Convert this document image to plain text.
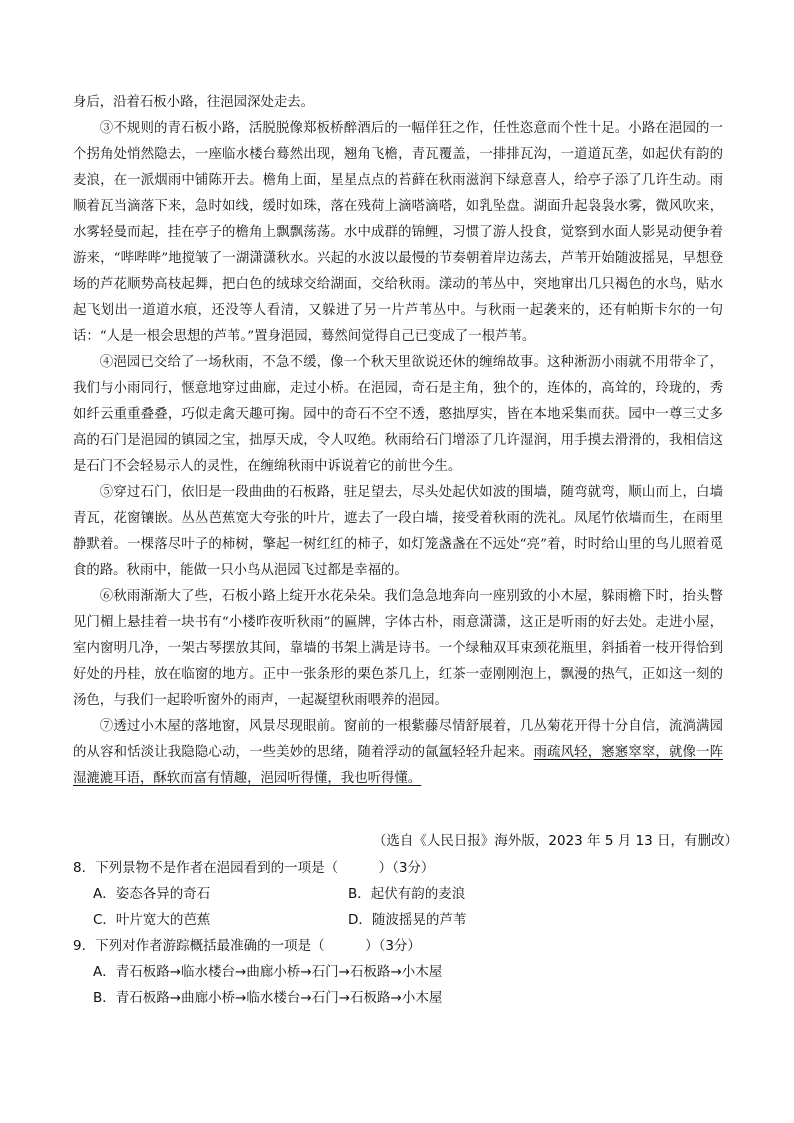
身后，沿着石板小路，往浥园深处走去。

③不规则的青石板小路，活脱脱像郑板桥醉酒后的一幅佯狂之作，任性恣意而个性十足。小路在浥园的一个拐角处悄然隐去，一座临水楼台蓦然出现，翘角飞檐，青瓦覆盖，一排排瓦沟，一道道瓦垄，如起伏有韵的麦浪，在一派烟雨中铺陈开去。檐角上面，星星点点的苔藓在秋雨滋润下绿意喜人，给亭子添了几许生动。雨顺着瓦当滴落下来，急时如线，缓时如珠，落在残荷上滴嗒滴嗒，如乳坠盘。湖面升起袅袅水雾，微风吹来，水雾轻曼而起，挂在亭子的檐角上飘飘荡荡。水中成群的锦鲤，习惯了游人投食，觉察到水面人影晃动便争着游来，“哔哔哔”地搅皱了一湖潇潇秋水。兴起的水波以最慢的节奏朝着岸边荡去，芦苇开始随波摇晃，早想登场的芦花顺势高枝起舞，把白色的绒球交给湖面，交给秋雨。漾动的苇丛中，突地窜出几只褐色的水鸟，贴水起飞划出一道道水痕，还没等人看清，又躲进了另一片芦苇丛中。与秋雨一起袭来的，还有帕斯卡尔的一句话：“人是一根会思想的芦苇。”置身浥园，蓦然间觉得自己已变成了一根芦苇。

④浥园已交给了一场秋雨，不急不缓，像一个秋天里欲说还休的缠绵故事。这种淅沥小雨就不用带伞了，我们与小雨同行，惬意地穿过曲廊，走过小桥。在浥园，奇石是主角，独个的，连体的，高耸的，玲珑的，秀如纤云重重叠叠，巧似走禽天趣可掬。园中的奇石不空不透，憨拙厚实，皆在本地采集而获。园中一尊三丈多高的石门是浥园的镇园之宝，拙厚天成，令人叹绝。秋雨给石门增添了几许湿润，用手摸去滑滑的，我相信这是石门不会轻易示人的灵性，在缠绵秋雨中诉说着它的前世今生。

⑤穿过石门，依旧是一段曲曲的石板路，驻足望去，尽头处起伏如波的围墙，随弯就弯，顺山而上，白墙青瓦，花窗镶嵌。丛丛芭蕉宽大夸张的叶片，遮去了一段白墙，接受着秋雨的洗礼。凤尾竹依墙而生，在雨里静默着。一棵落尽叶子的柿树，擎起一树红红的柿子，如灯笼盏盏在不远处“亮”着，时时给山里的鸟儿照着觅食的路。秋雨中，能做一只小鸟从浥园飞过都是幸福的。

⑥秋雨渐渐大了些，石板小路上绽开水花朵朵。我们急急地奔向一座别致的小木屋，躲雨檐下时，抬头瞥见门楣上悬挂着一块书有“小楼昨夜听秋雨”的匾牌，字体古朴，雨意潇潇，这正是听雨的好去处。走进小屋，室内窗明几净，一架古琴摆放其间，靠墙的书架上满是诗书。一个绿釉双耳束颈花瓶里，斜插着一枝开得恰到好处的丹桂，放在临窗的地方。正中一张条形的栗色茶几上，红茶一壶刚刚泡上，飘漫的热气，正如这一刻的汤色，与我们一起聆听窗外的雨声，一起凝望秋雨喂养的浥园。

⑦透过小木屋的落地窗，风景尽现眼前。窗前的一根紫藤尽情舒展着，几丛菊花开得十分自信，流淌满园的从容和恬淡让我隐隐心动，一些美妙的思绪，随着浮动的氤氲轻轻升起来。雨疏风轻，窸窸窣窣，就像一阵湿漉漉耳语，酥软而富有情趣，浥园听得懂，我也听得懂。

（选自《人民日报》海外版，2023 年 5 月 13 日，有删改）
8．下列景物不是作者在浥园看到的一项是（　　　）（3分）
A．姿态各异的奇石	B．起伏有韵的麦浪
C．叶片宽大的芭蕉	D．随波摇晃的芦苇
9．下列对作者游踪概括最准确的一项是（　　　）（3分）
A．青石板路→临水楼台→曲廊小桥→石门→石板路→小木屋
B．青石板路→曲廊小桥→临水楼台→石门→石板路→小木屋
